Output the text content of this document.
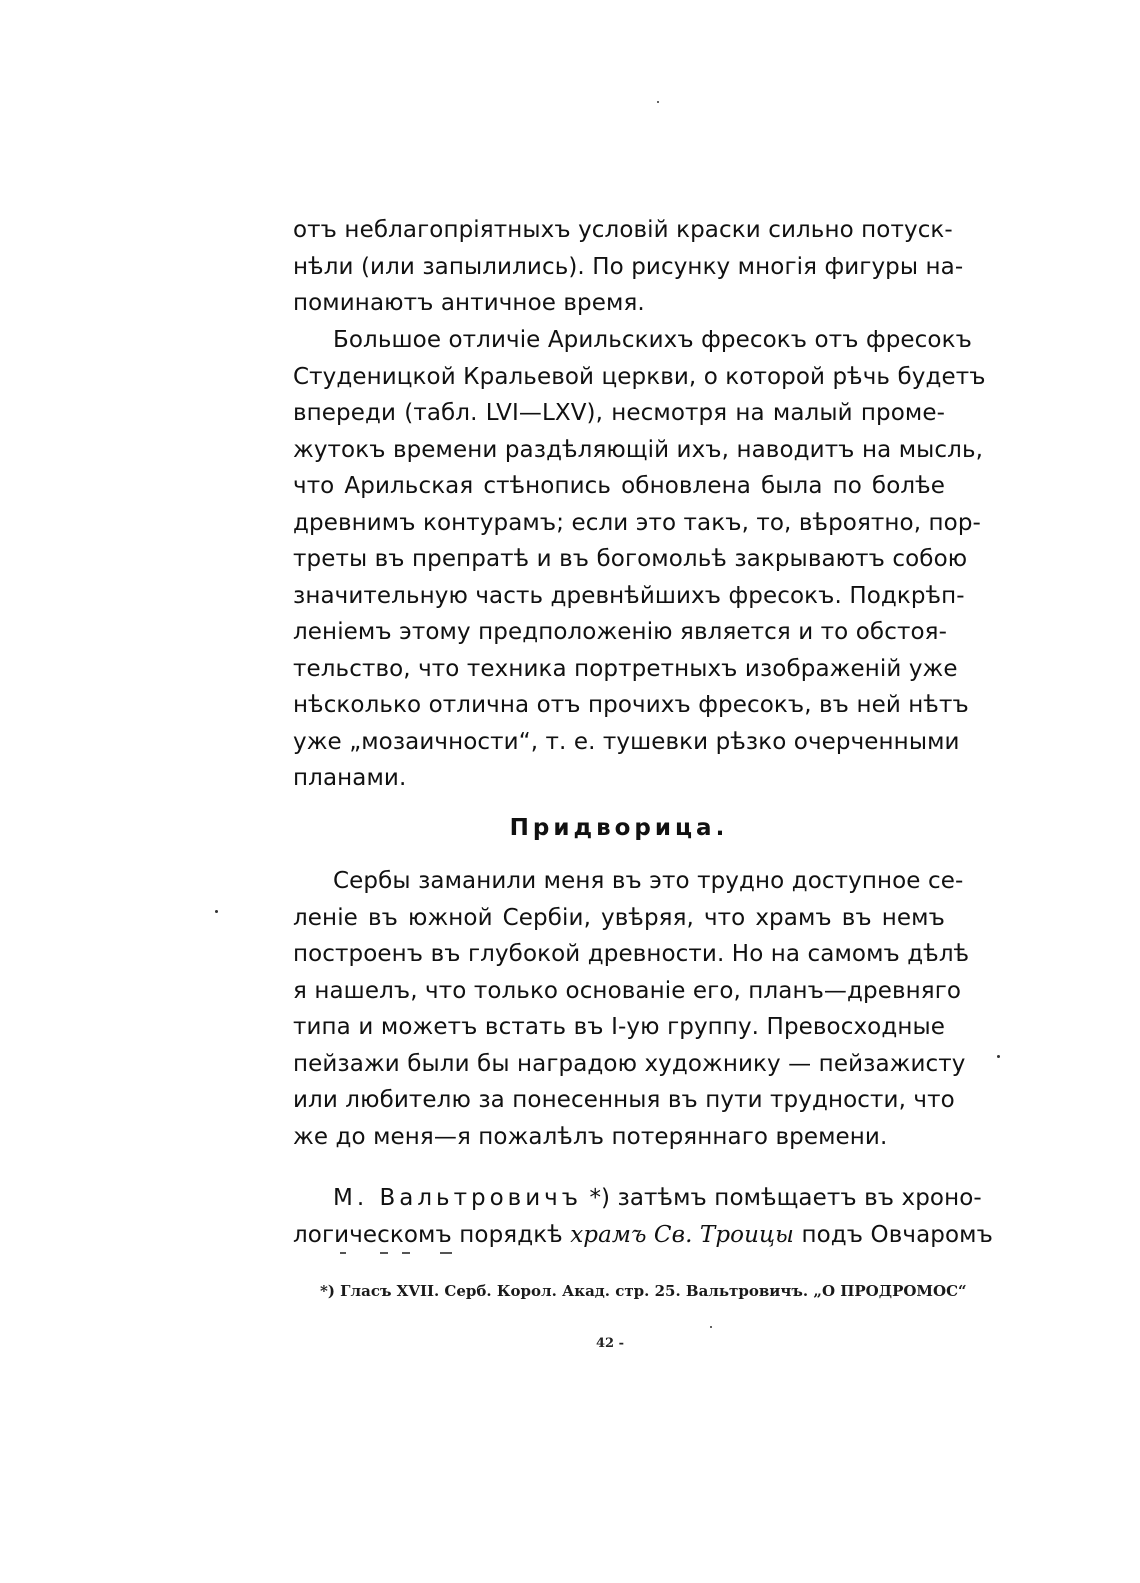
отъ неблагопріятныхъ условій краски сильно потуск-
нѣли (или запылились). По рисунку многія фигуры на-
поминаютъ античное время.
Большое отличіе Арильскихъ фресокъ отъ фресокъ
Студеницкой Кральевой церкви, о которой рѣчь будетъ
впереди (табл. LVI—LXV), несмотря на малый проме-
жутокъ времени раздѣляющій ихъ, наводитъ на мысль,
что Арильская стѣнопись обновлена была по болѣе
древнимъ контурамъ; если это такъ, то, вѣроятно, пор-
треты въ препратѣ и въ богомольѣ закрываютъ собою
значительную часть древнѣйшихъ фресокъ. Подкрѣп-
леніемъ этому предположенію является и то обстоя-
тельство, что техника портретныхъ изображеній уже
нѣсколько отлична отъ прочихъ фресокъ, въ ней нѣтъ
уже „мозаичности“, т. е. тушевки рѣзко очерченными
планами.
Придворица.
Сербы заманили меня въ это трудно доступное се-
леніе въ южной Сербіи, увѣряя, что храмъ въ немъ
построенъ въ глубокой древности. Но на самомъ дѣлѣ
я нашелъ, что только основаніе его, планъ—древняго
типа и можетъ встать въ I-ую группу. Превосходные
пейзажи были бы наградою художнику — пейзажисту
или любителю за понесенныя въ пути трудности, что
же до меня—я пожалѣлъ потеряннаго времени.
М. Вальтровичъ *) затѣмъ помѣщаетъ въ хроно-
логическомъ порядкѣ храмъ Св. Троицы подъ Овчаромъ
*) Гласъ XVII. Серб. Корол. Акад. стр. 25. Вальтровичъ. „О ПРОДРОМОС“
42 -
